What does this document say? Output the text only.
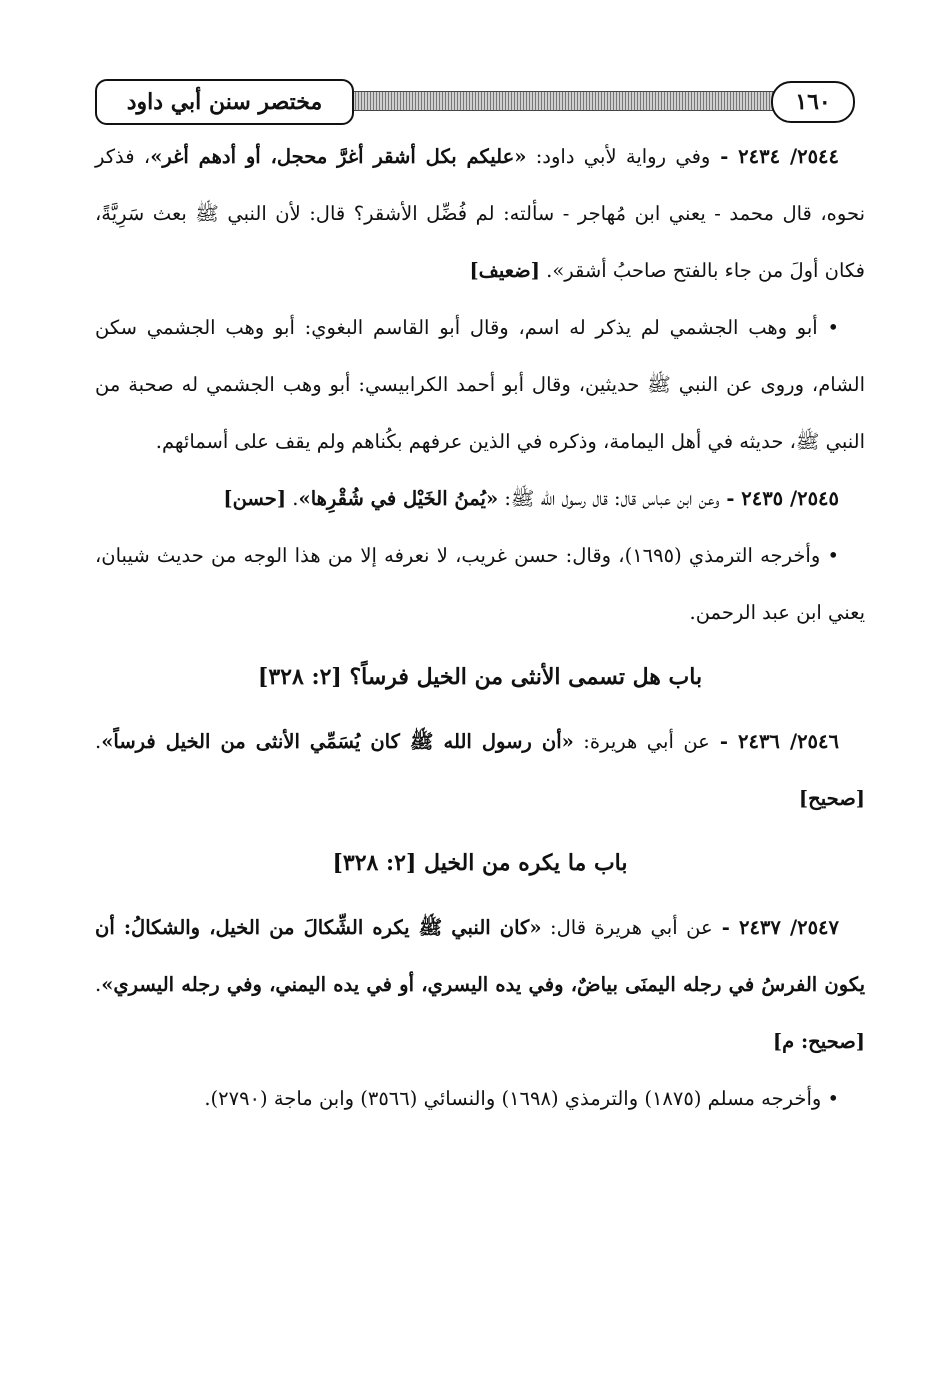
مختصر سنن أبي داود	١٦٠

٢٥٤٤/ ٢٤٣٤ - وفي رواية لأبي داود: «عليكم بكل أشقر أغرَّ محجل، أو أدهم أغر»، فذكر نحوه، قال محمد - يعني ابن مُهاجر - سألته: لم فُضِّل الأشقر؟ قال: لأن النبي ﷺ بعث سَرِيَّةً، فكان أولَ من جاء بالفتح صاحبُ أشقر». [ضعيف]

• أبو وهب الجشمي لم يذكر له اسم، وقال أبو القاسم البغوي: أبو وهب الجشمي سكن الشام، وروى عن النبي ﷺ حديثين، وقال أبو أحمد الكرابيسي: أبو وهب الجشمي له صحبة من النبي ﷺ، حديثه في أهل اليمامة، وذكره في الذين عرفهم بكُناهم ولم يقف على أسمائهم.

٢٥٤٥/ ٢٤٣٥ - وعن ابن عباس قال: قال رسول الله ﷺ: «يُمنُ الخَيْل في شُقْرِها». [حسن]

• وأخرجه الترمذي (١٦٩٥)، وقال: حسن غريب، لا نعرفه إلا من هذا الوجه من حديث شيبان، يعني ابن عبد الرحمن.

باب هل تسمى الأنثى من الخيل فرساً؟ [٢: ٣٢٨]

٢٥٤٦/ ٢٤٣٦ - عن أبي هريرة: «أن رسول الله ﷺ كان يُسَمِّي الأنثى من الخيل فرساً». [صحيح]

باب ما يكره من الخيل [٢: ٣٢٨]

٢٥٤٧/ ٢٤٣٧ - عن أبي هريرة قال: «كان النبي ﷺ يكره الشِّكالَ من الخيل، والشكالُ: أن يكون الفرسُ في رجله اليمنَى بياضٌ، وفي يده اليسري، أو في يده اليمني، وفي رجله اليسري». [صحيح: م]

• وأخرجه مسلم (١٨٧٥) والترمذي (١٦٩٨) والنسائي (٣٥٦٦) وابن ماجة (٢٧٩٠).
